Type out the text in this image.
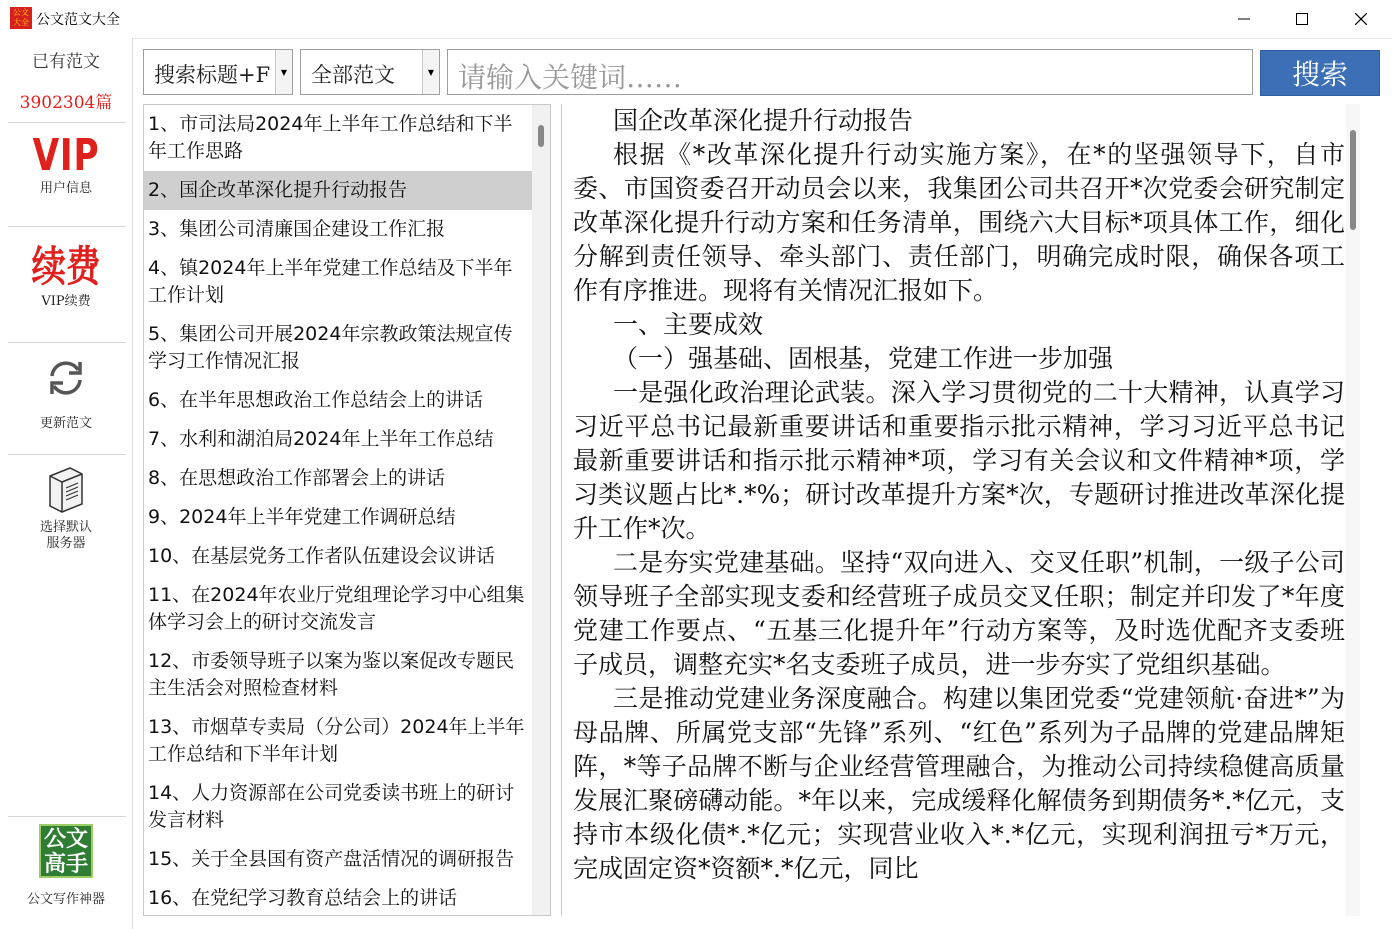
公文
大全 公文范文大全
已有范文
3902304篇
VIP
用户信息
续费
VIP续费
更新范文
选择默认
服务器
公文
高手
公文写作神器
搜索标题+F	▼ 全部范文	▼ 请输入关键词……	搜索
1、市司法局2024年上半年工作总结和下半年工作思路
2、国企改革深化提升行动报告
3、集团公司清廉国企建设工作汇报
4、镇2024年上半年党建工作总结及下半年工作计划
5、集团公司开展2024年宗教政策法规宣传学习工作情况汇报
6、在半年思想政治工作总结会上的讲话
7、水利和湖泊局2024年上半年工作总结
8、在思想政治工作部署会上的讲话
9、2024年上半年党建工作调研总结
10、在基层党务工作者队伍建设会议讲话
11、在2024年农业厅党组理论学习中心组集体学习会上的研讨交流发言
12、市委领导班子以案为鉴以案促改专题民主生活会对照检查材料
13、市烟草专卖局（分公司）2024年上半年工作总结和下半年计划
14、人力资源部在公司党委读书班上的研讨发言材料
15、关于全县国有资产盘活情况的调研报告
16、在党纪学习教育总结会上的讲话

国企改革深化提升行动报告

根据《*改革深化提升行动实施方案》，在*的坚强领导下，自市委、市国资委召开动员会以来，我集团公司共召开*次党委会研究制定改革深化提升行动方案和任务清单，围绕六大目标*项具体工作，细化分解到责任领导、牵头部门、责任部门，明确完成时限，确保各项工作有序推进。现将有关情况汇报如下。

一、主要成效

（一）强基础、固根基，党建工作进一步加强

一是强化政治理论武装。深入学习贯彻党的二十大精神，认真学习习近平总书记最新重要讲话和重要指示批示精神，学习习近平总书记最新重要讲话和指示批示精神*项，学习有关会议和文件精神*项，学习类议题占比*.*%；研讨改革提升方案*次，专题研讨推进改革深化提升工作*次。

二是夯实党建基础。坚持“双向进入、交叉任职”机制，一级子公司领导班子全部实现支委和经营班子成员交叉任职；制定并印发了*年度党建工作要点、“五基三化提升年”行动方案等，及时选优配齐支委班子成员，调整充实*名支委班子成员，进一步夯实了党组织基础。

三是推动党建业务深度融合。构建以集团党委“党建领航·奋进*”为母品牌、所属党支部“先锋”系列、“红色”系列为子品牌的党建品牌矩阵，*等子品牌不断与企业经营管理融合，为推动公司持续稳健高质量发展汇聚磅礴动能。*年以来，完成缓释化解债务到期债务*.*亿元，支持市本级化债*.*亿元；实现营业收入*.*亿元，实现利润扭亏*万元，完成固定资*资额*.*亿元，同比
